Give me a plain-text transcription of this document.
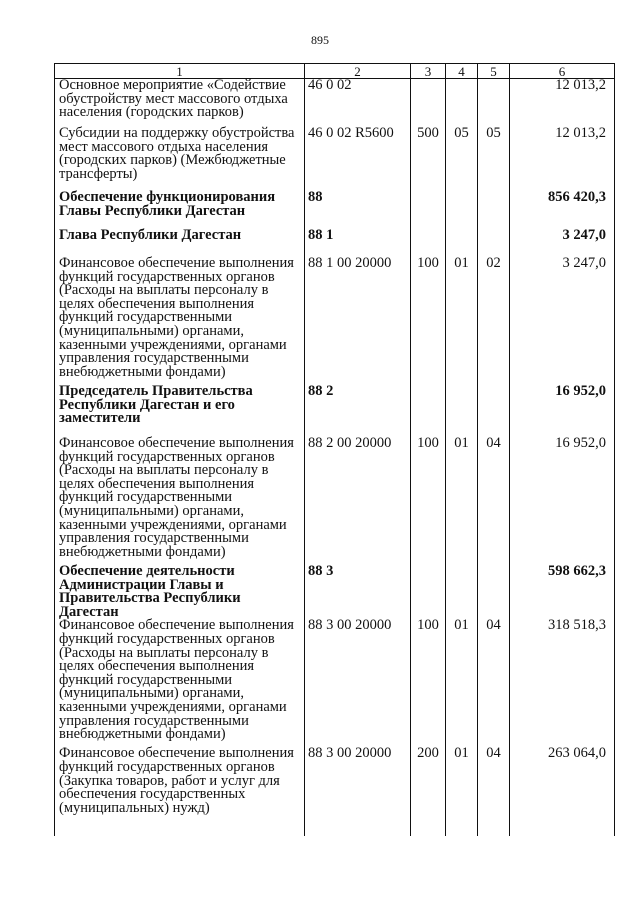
895
1	2	3	4	5	6
Основное мероприятие «Содействие обустройству мест массового отдыха населения (городских парков)	46 0 02				12 013,2
Субсидии на поддержку обустройства мест массового отдыха населения (городских парков) (Межбюджетные трансферты)	46 0 02 R5600	500	05	05	12 013,2
Обеспечение функционирования Главы Республики Дагестан	88				856 420,3
Глава Республики Дагестан	88 1				3 247,0
Финансовое обеспечение выполнения функций государственных органов (Расходы на выплаты персоналу в целях обеспечения выполнения функций государственными (муниципальными) органами, казенными учреждениями, органами управления государственными внебюджетными фондами)	88 1 00 20000	100	01	02	3 247,0
Председатель Правительства Республики Дагестан и его заместители	88 2				16 952,0
Финансовое обеспечение выполнения функций государственных органов (Расходы на выплаты персоналу в целях обеспечения выполнения функций государственными (муниципальными) органами, казенными учреждениями, органами управления государственными внебюджетными фондами)	88 2 00 20000	100	01	04	16 952,0
Обеспечение деятельности Администрации Главы и Правительства Республики Дагестан	88 3				598 662,3
Финансовое обеспечение выполнения функций государственных органов (Расходы на выплаты персоналу в целях обеспечения выполнения функций государственными (муниципальными) органами, казенными учреждениями, органами управления государственными внебюджетными фондами)	88 3 00 20000	100	01	04	318 518,3
Финансовое обеспечение выполнения функций государственных органов (Закупка товаров, работ и услуг для обеспечения государственных (муниципальных) нужд)	88 3 00 20000	200	01	04	263 064,0
